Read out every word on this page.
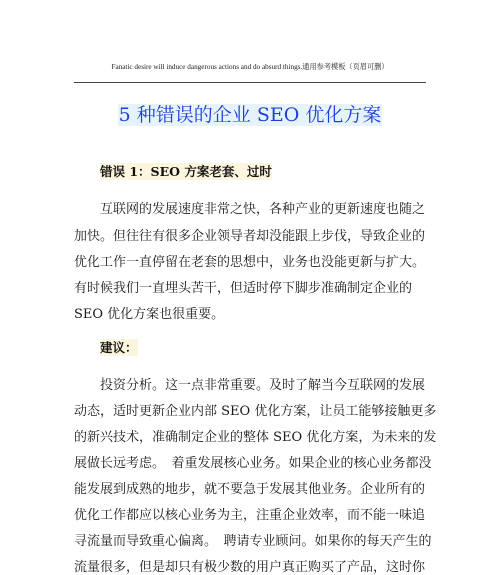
Fanatic desire will induce dangerous actions and do absurd things.通用参考模板（页眉可删）
5 种错误的企业 SEO 优化方案
错误 1：SEO 方案老套、过时
互联网的发展速度非常之快，各种产业的更新速度也随之
加快。但往往有很多企业领导者却没能跟上步伐，导致企业的
优化工作一直停留在老套的思想中，业务也没能更新与扩大。
有时候我们一直埋头苦干，但适时停下脚步准确制定企业的
SEO 优化方案也很重要。
建议：
投资分析。这一点非常重要。及时了解当今互联网的发展
动态，适时更新企业内部 SEO 优化方案，让员工能够接触更多
的新兴技术，准确制定企业的整体 SEO 优化方案，为未来的发
展做长远考虑。　着重发展核心业务。如果企业的核心业务都没
能发展到成熟的地步，就不要急于发展其他业务。企业所有的
优化工作都应以核心业务为主，注重企业效率，而不能一味追
寻流量而导致重心偏离。　聘请专业顾问。如果你的每天产生的
流量很多，但是却只有极少数的用户真正购买了产品，这时你
